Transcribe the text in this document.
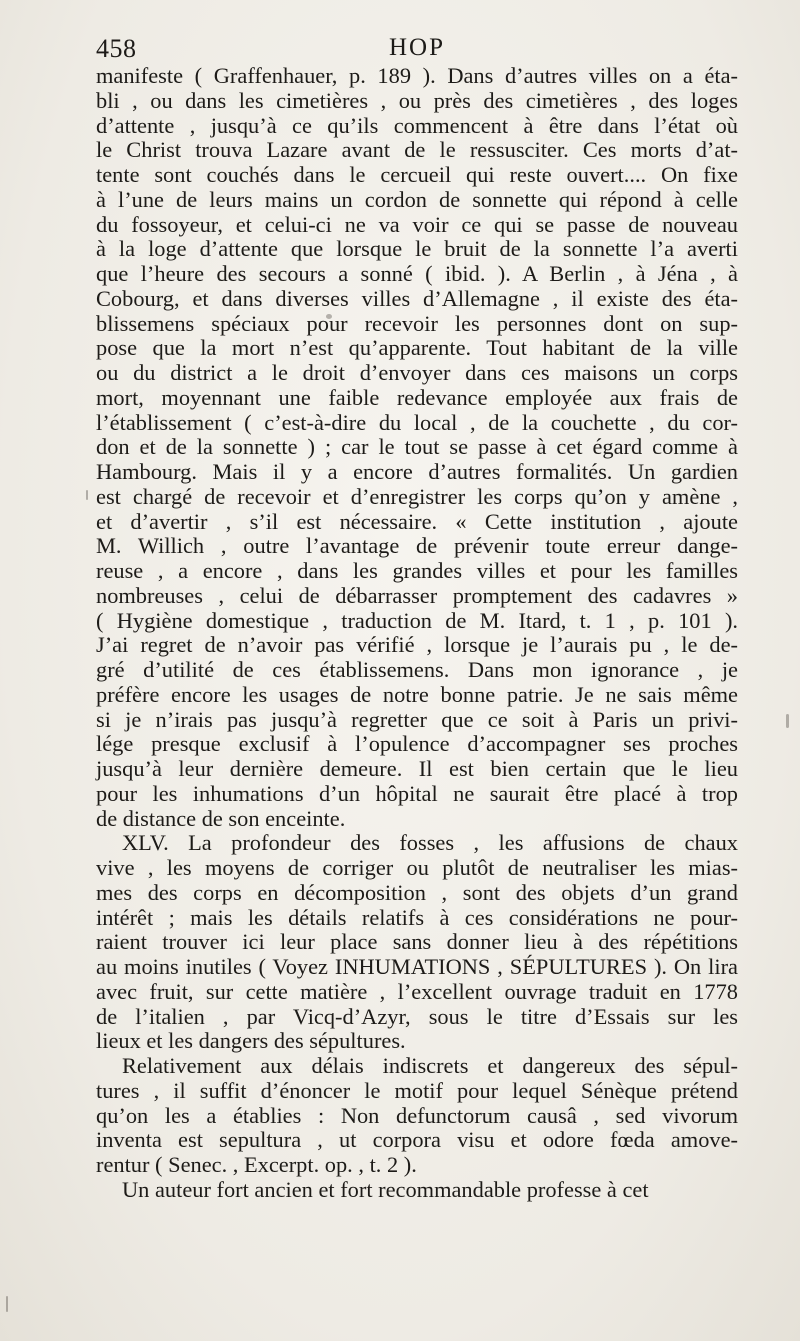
458	HOP
manifeste ( Graffenhauer, p. 189 ). Dans d’autres villes on a éta-
bli , ou dans les cimetières , ou près des cimetières , des loges
d’attente , jusqu’à ce qu’ils commencent à être dans l’état où
le Christ trouva Lazare avant de le ressusciter. Ces morts d’at-
tente sont couchés dans le cercueil qui reste ouvert.... On fixe
à l’une de leurs mains un cordon de sonnette qui répond à celle
du fossoyeur, et celui-ci ne va voir ce qui se passe de nouveau
à la loge d’attente que lorsque le bruit de la sonnette l’a averti
que l’heure des secours a sonné ( ibid. ). A Berlin , à Jéna , à
Cobourg, et dans diverses villes d’Allemagne , il existe des éta-
blissemens spéciaux pour recevoir les personnes dont on sup-
pose que la mort n’est qu’apparente. Tout habitant de la ville
ou du district a le droit d’envoyer dans ces maisons un corps
mort, moyennant une faible redevance employée aux frais de
l’établissement ( c’est-à-dire du local , de la couchette , du cor-
don et de la sonnette ) ; car le tout se passe à cet égard comme à
Hambourg. Mais il y a encore d’autres formalités. Un gardien
est chargé de recevoir et d’enregistrer les corps qu’on y amène ,
et d’avertir , s’il est nécessaire. « Cette institution , ajoute
M. Willich , outre l’avantage de prévenir toute erreur dange-
reuse , a encore , dans les grandes villes et pour les familles
nombreuses , celui de débarrasser promptement des cadavres »
( Hygiène domestique , traduction de M. Itard, t. 1 , p. 101 ).
J’ai regret de n’avoir pas vérifié , lorsque je l’aurais pu , le de-
gré d’utilité de ces établissemens. Dans mon ignorance , je
préfère encore les usages de notre bonne patrie. Je ne sais même
si je n’irais pas jusqu’à regretter que ce soit à Paris un privi-
lége presque exclusif à l’opulence d’accompagner ses proches
jusqu’à leur dernière demeure. Il est bien certain que le lieu
pour les inhumations d’un hôpital ne saurait être placé à trop
de distance de son enceinte.
XLV. La profondeur des fosses , les affusions de chaux
vive , les moyens de corriger ou plutôt de neutraliser les mias-
mes des corps en décomposition , sont des objets d’un grand
intérêt ; mais les détails relatifs à ces considérations ne pour-
raient trouver ici leur place sans donner lieu à des répétitions
au moins inutiles ( Voyez INHUMATIONS , SÉPULTURES ). On lira
avec fruit, sur cette matière , l’excellent ouvrage traduit en 1778
de l’italien , par Vicq-d’Azyr, sous le titre d’Essais sur les
lieux et les dangers des sépultures.
Relativement aux délais indiscrets et dangereux des sépul-
tures , il suffit d’énoncer le motif pour lequel Sénèque prétend
qu’on les a établies : Non defunctorum causâ , sed vivorum
inventa est sepultura , ut corpora visu et odore fœda amove-
rentur ( Senec. , Excerpt. op. , t. 2 ).
Un auteur fort ancien et fort recommandable professe à cet
